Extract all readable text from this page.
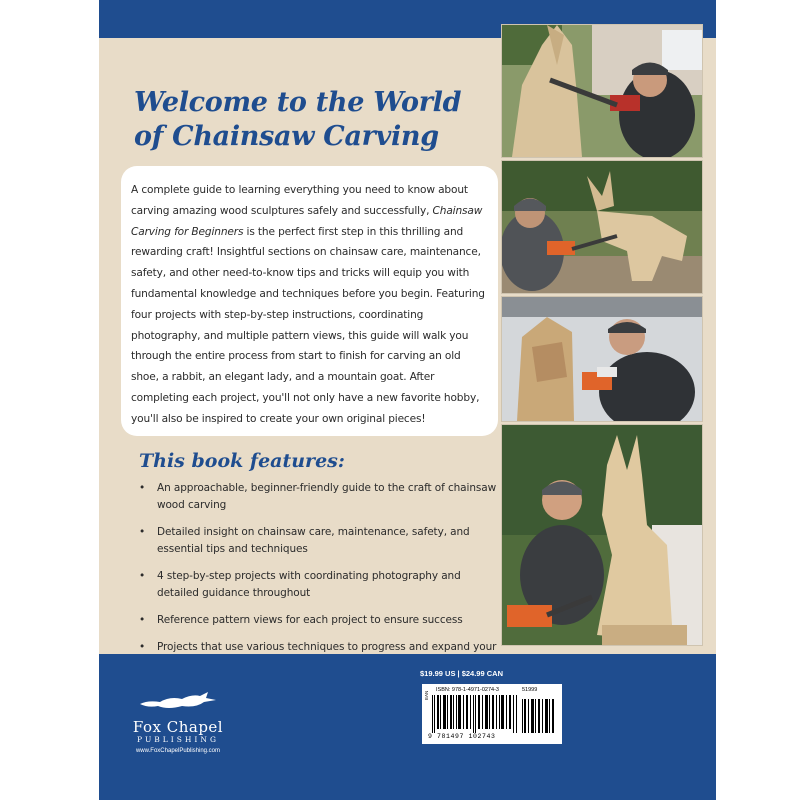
Welcome to the World
of Chainsaw Carving

A complete guide to learning everything you need to know about carving amazing wood sculptures safely and successfully, Chainsaw Carving for Beginners is the perfect first step in this thrilling and rewarding craft! Insightful sections on chainsaw care, maintenance, safety, and other need-to-know tips and tricks will equip you with fundamental knowledge and techniques before you begin. Featuring four projects with step-by-step instructions, coordinating photography, and multiple pattern views, this guide will walk you through the entire process from start to finish for carving an old shoe, a rabbit, an elegant lady, and a mountain goat. After completing each project, you'll not only have a new favorite hobby, you'll also be inspired to create your own original pieces!

This book features:
• An approachable, beginner-friendly guide to the craft of chainsaw wood carving
• Detailed insight on chainsaw care, maintenance, safety, and essential tips and techniques
• 4 step-by-step projects with coordinating photography and detailed guidance throughout
• Reference pattern views for each project to ensure success
• Projects that use various techniques to progress and expand your
Fox Chapel
PUBLISHING
www.FoxChapelPublishing.com
$19.99 US | $24.99 CAN
ISBN: 978-1-4971-0274-3	51999
EAN
9 781497 102743
